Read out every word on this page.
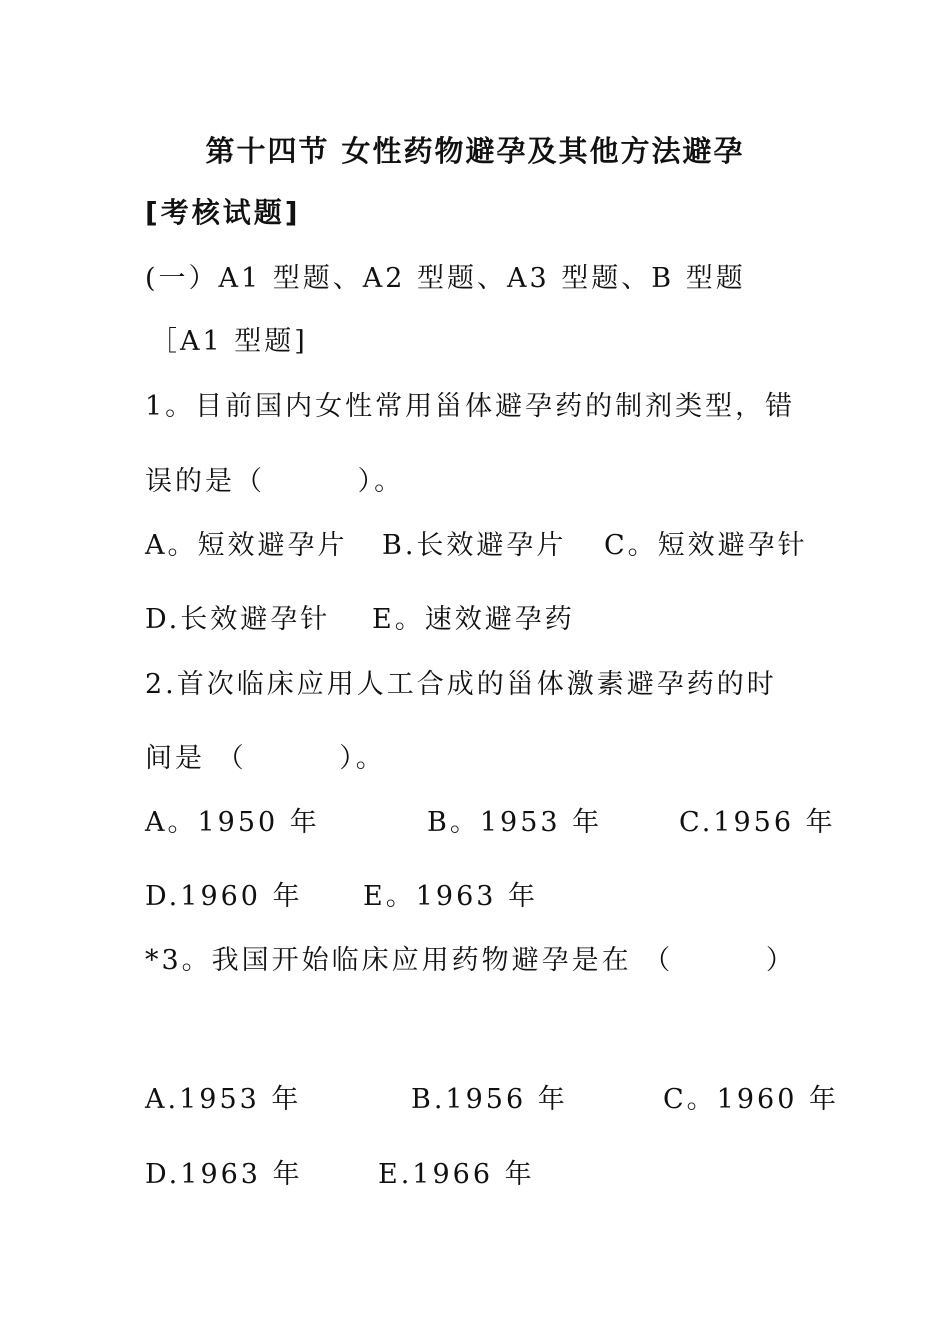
第十四节 女性药物避孕及其他方法避孕
[考核试题]
(一）A1 型题、A2 型题、A3 型题、B 型题
［A1 型题]
1。目前国内女性常用甾体避孕药的制剂类型，错
误的是（        ）。
A。短效避孕片 B.长效避孕片 C。短效避孕针
D.长效避孕针 E。速效避孕药
2.首次临床应用人工合成的甾体激素避孕药的时
间是 （        ）。
A。1950 年	B。1953 年	C.1956 年
D.1960 年 E。1963 年
*3。我国开始临床应用药物避孕是在 （        ）
A.1953 年	B.1956 年	C。1960 年
D.1963 年	E.1966 年
